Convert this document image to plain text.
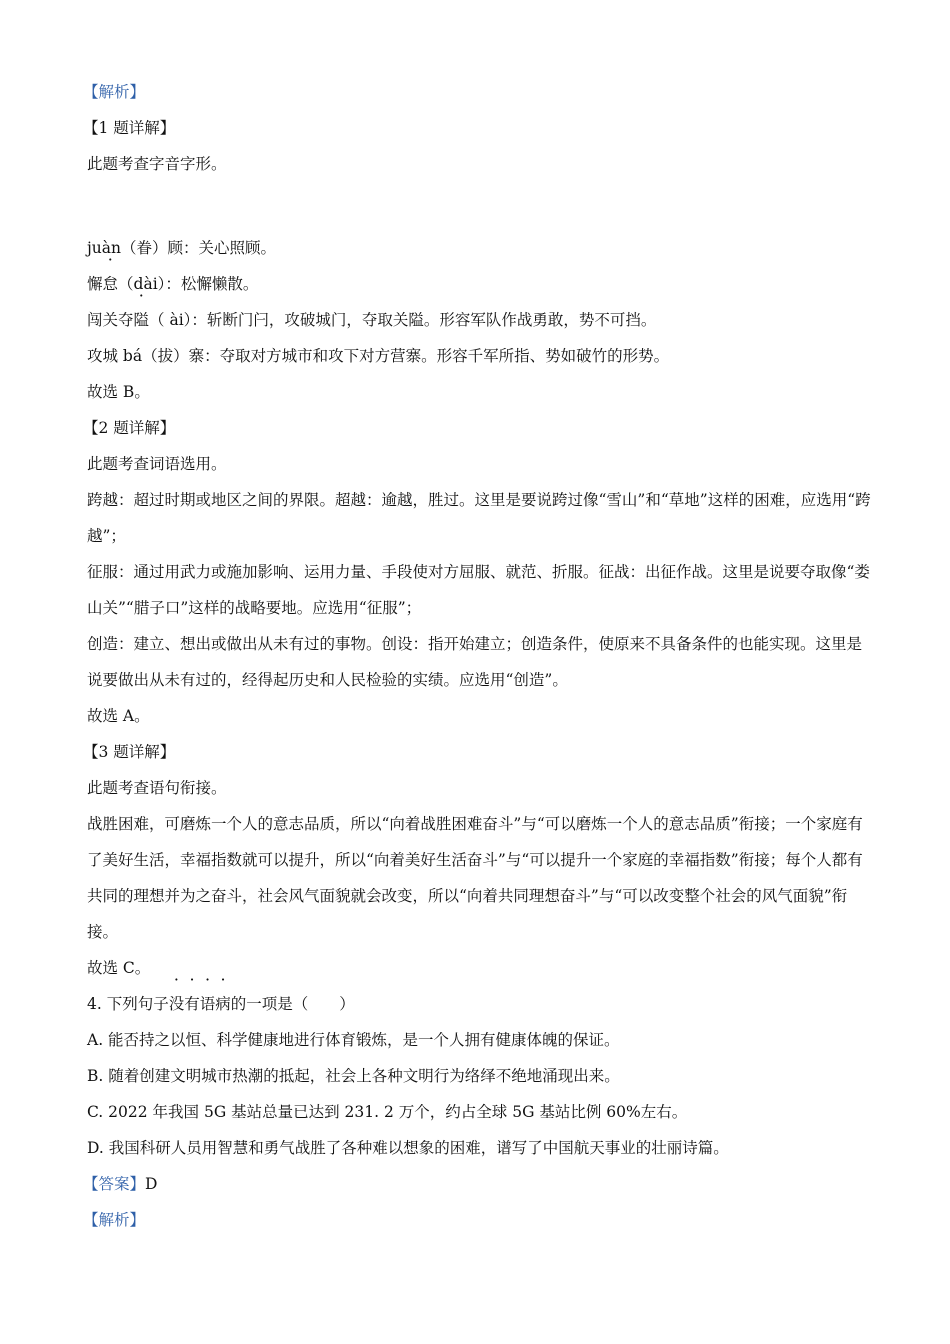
【解析】
【1 题详解】
此题考查字音字形。
juàn（眷）顾：关心照顾。
懈怠（dài）：松懈懒散。
闯关夺隘（ ài）：斩断门闩，攻破城门，夺取关隘。形容军队作战勇敢，势不可挡。
攻城 bá（拔）寨：夺取对方城市和攻下对方营寨。形容千军所指、势如破竹的形势。
故选 B。
【2 题详解】
此题考查词语选用。
跨越：超过时期或地区之间的界限。超越：逾越，胜过。这里是要说跨过像“雪山”和“草地”这样的困难，应选用“跨越”；
征服：通过用武力或施加影响、运用力量、手段使对方屈服、就范、折服。征战：出征作战。这里是说要夺取像“娄山关”“腊子口”这样的战略要地。应选用“征服”；
创造：建立、想出或做出从未有过的事物。创设：指开始建立；创造条件，使原来不具备条件的也能实现。这里是说要做出从未有过的，经得起历史和人民检验的实绩。应选用“创造”。
故选 A。
【3 题详解】
此题考查语句衔接。
战胜困难，可磨炼一个人的意志品质，所以“向着战胜困难奋斗”与“可以磨炼一个人的意志品质”衔接；一个家庭有了美好生活，幸福指数就可以提升，所以“向着美好生活奋斗”与“可以提升一个家庭的幸福指数”衔接；每个人都有共同的理想并为之奋斗，社会风气面貌就会改变，所以“向着共同理想奋斗”与“可以改变整个社会的风气面貌”衔接。
故选 C。
4. 下列句子没有语病的一项是（　　）
A. 能否持之以恒、科学健康地进行体育锻炼，是一个人拥有健康体魄的保证。
B. 随着创建文明城市热潮的抵起，社会上各种文明行为络绎不绝地涌现出来。
C. 2022 年我国 5G 基站总量已达到 231. 2 万个，约占全球 5G 基站比例 60%左右。
D. 我国科研人员用智慧和勇气战胜了各种难以想象的困难，谱写了中国航天事业的壮丽诗篇。
【答案】D
【解析】
